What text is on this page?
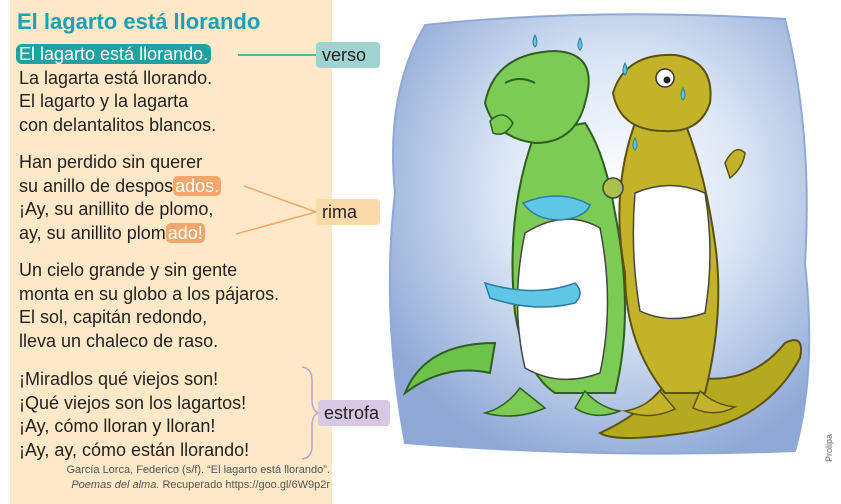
El lagarto está llorando
El lagarto está llorando.
La lagarta está llorando.
El lagarto y la lagarta
con delantalitos blancos.
Han perdido sin querer
su anillo de despos ados.
¡Ay, su anillito de plomo,
ay, su anillito plom ado!
Un cielo grande y sin gente
monta en su globo a los pájaros.
El sol, capitán redondo,
lleva un chaleco de raso.
¡Miradlos qué viejos son!
¡Qué viejos son los lagartos!
¡Ay, cómo lloran y lloran!
¡Ay, ay, cómo están llorando!
verso
rima
estrofa
García Lorca, Federico (s/f). “El lagarto está llorando”.
Poemas del alma. Recuperado https://goo.gl/6W9p2r
Prolipa
